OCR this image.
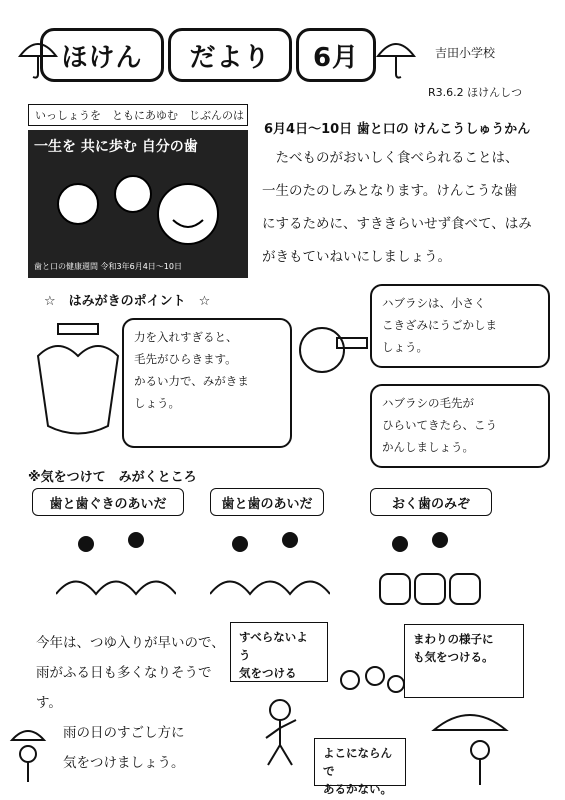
ほけん	だより	6月	吉田小学校
R3.6.2 ほけんしつ
いっしょうを　ともにあゆむ　じぶんのは
一生を 共に歩む 自分の歯
歯と口の健康週間 令和3年6月4日～10日
6月4日～10日 歯と口の けんこうしゅうかん
たべものがおいしく食べられることは、
一生のたのしみとなります。けんこうな歯
にするために、すききらいせず食べて、はみ
がきもていねいにしましょう。
☆　はみがきのポイント　☆
力を入れすぎると、
毛先がひらきます。
かるい力で、みがきま
しょう。
ハブラシは、小さく
こきざみにうごかしま
しょう。
ハブラシの毛先が
ひらいてきたら、こう
かんしましょう。
※気をつけて　みがくところ
歯と歯ぐきのあいだ	歯と歯のあいだ	おく歯のみぞ
今年は、つゆ入りが早いので、
雨がふる日も多くなりそうです。
雨の日のすごし方に
気をつけましょう。
すべらないよう
気をつける
まわりの様子に
も気をつける。
よこにならんで
あるかない。
